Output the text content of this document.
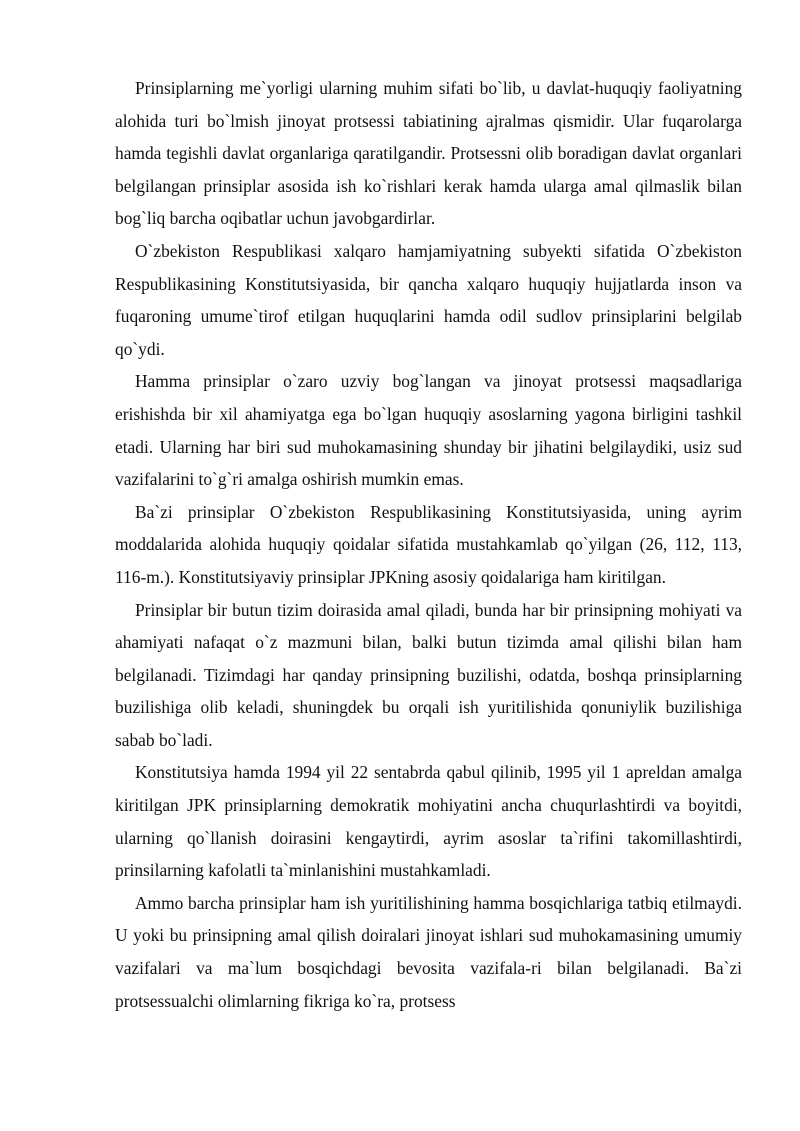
Prinsiplarning me`yorligi ularning muhim sifati bo`lib, u davlat-huquqiy faoliyatning alohida turi bo`lmish jinoyat protsessi tabiatining ajralmas qismidir. Ular fuqarolarga hamda tegishli davlat organlariga qaratilgandir. Protsessni olib boradigan davlat organlari belgilangan prinsiplar asosida ish ko`rishlari kerak hamda ularga amal qilmaslik bilan bog`liq barcha oqibatlar uchun javobgardirlar.

O`zbekiston Respublikasi xalqaro hamjamiyatning subyekti sifatida O`zbekiston Respublikasining Konstitutsiyasida, bir qancha xalqaro huquqiy hujjatlarda inson va fuqaroning umume`tirof etilgan huquqlarini hamda odil sudlov prinsiplarini belgilab qo`ydi.

Hamma prinsiplar o`zaro uzviy bog`langan va jinoyat protsessi maqsadlariga erishishda bir xil ahamiyatga ega bo`lgan huquqiy asoslarning yagona birligini tashkil etadi. Ularning har biri sud muhokamasining shunday bir jihatini belgilaydiki, usiz sud vazifalarini to`g`ri amalga oshirish mumkin emas.

Ba`zi prinsiplar O`zbekiston Respublikasining Konstitutsiyasida, uning ayrim moddalarida alohida huquqiy qoidalar sifatida mustahkamlab qo`yilgan (26, 112, 113, 116-m.). Konstitutsiyaviy prinsiplar JPKning asosiy qoidalariga ham kiritilgan.

Prinsiplar bir butun tizim doirasida amal qiladi, bunda har bir prinsipning mohiyati va ahamiyati nafaqat o`z mazmuni bilan, balki butun tizimda amal qilishi bilan ham belgilanadi. Tizimdagi har qanday prinsipning buzilishi, odatda, boshqa prinsiplarning buzilishiga olib keladi, shuningdek bu orqali ish yuritilishida qonuniylik buzilishiga sabab bo`ladi.

Konstitutsiya hamda 1994 yil 22 sentabrda qabul qilinib, 1995 yil 1 apreldan amalga kiritilgan JPK prinsiplarning demokratik mohiyatini ancha chuqurlashtirdi va boyitdi, ularning qo`llanish doirasini kengaytirdi, ayrim asoslar ta`rifini takomillashtirdi, prinsilarning kafolatli ta`minlanishini mustahkamladi.

Ammo barcha prinsiplar ham ish yuritilishining hamma bosqichlariga tatbiq etilmaydi. U yoki bu prinsipning amal qilish doiralari jinoyat ishlari sud muhokamasining umumiy vazifalari va ma`lum bosqichdagi bevosita vazifala-ri bilan belgilanadi. Ba`zi protsessualchi olimlarning fikriga ko`ra, protsess
